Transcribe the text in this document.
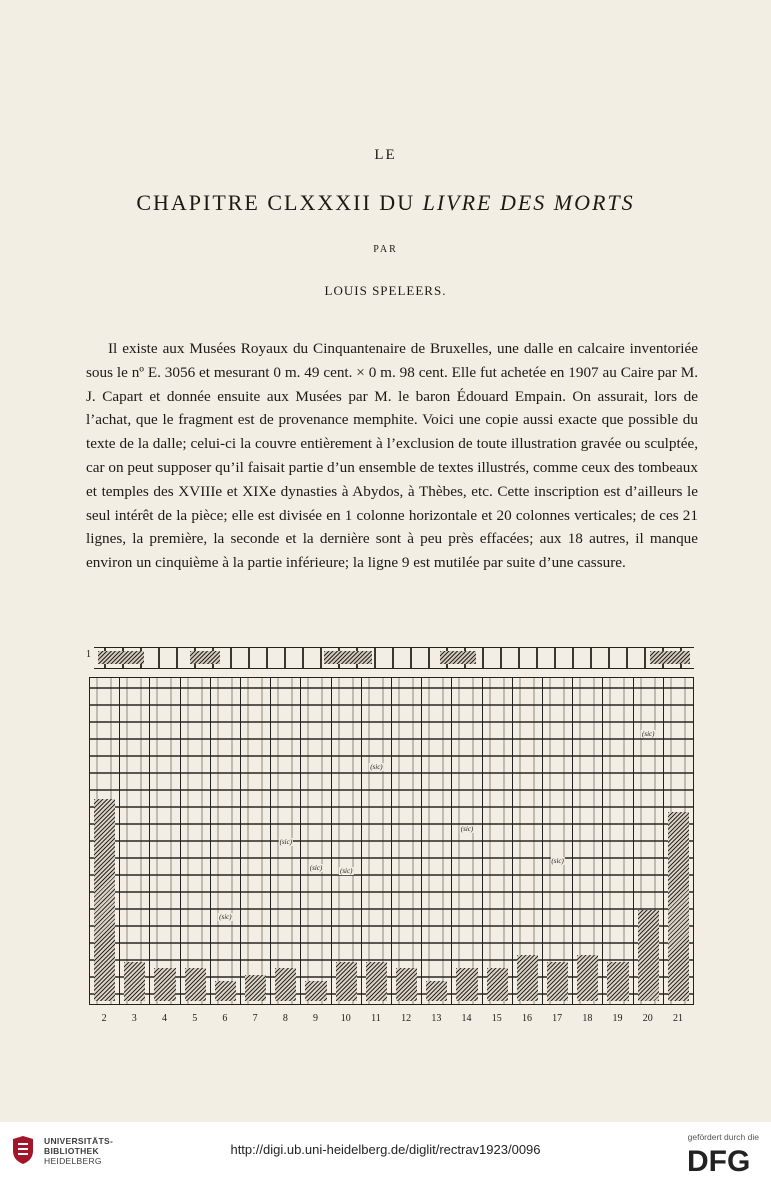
LE
CHAPITRE CLXXXII DU LIVRE DES MORTS
PAR
LOUIS SPELEERS.

Il existe aux Musées Royaux du Cinquantenaire de Bruxelles, une dalle en calcaire inventoriée sous le nº E. 3056 et mesurant 0 m. 49 cent. × 0 m. 98 cent. Elle fut achetée en 1907 au Caire par M. J. Capart et donnée ensuite aux Musées par M. le baron Édouard Empain. On assurait, lors de l’achat, que le fragment est de provenance memphite. Voici une copie aussi exacte que possible du texte de la dalle; celui-ci la couvre entièrement à l’exclusion de toute illustration gravée ou sculptée, car on peut supposer qu’il faisait partie d’un ensemble de textes illustrés, comme ceux des tombeaux et temples des XVIIIe et XIXe dynasties à Abydos, à Thèbes, etc. Cette inscription est d’ailleurs le seul intérêt de la pièce; elle est divisée en 1 colonne horizontale et 20 colonnes verticales; de ces 21 lignes, la première, la seconde et la dernière sont à peu près effacées; aux 18 autres, il manque environ un cinquième à la partie inférieure; la ligne 9 est mutilée par suite d’une cassure.

1
(sic)
(sic)
(sic)	(sic)
(sic)
(sic)
(sic)
(sic)
2	3	4	5	6	7	8	9	10	11	12	13	14	15	16	17	18	19	20	21
UNIVERSITÄTS-
BIBLIOTHEK
HEIDELBERG
http://digi.ub.uni-heidelberg.de/diglit/rectrav1923/0096
gefördert durch die
DFG
